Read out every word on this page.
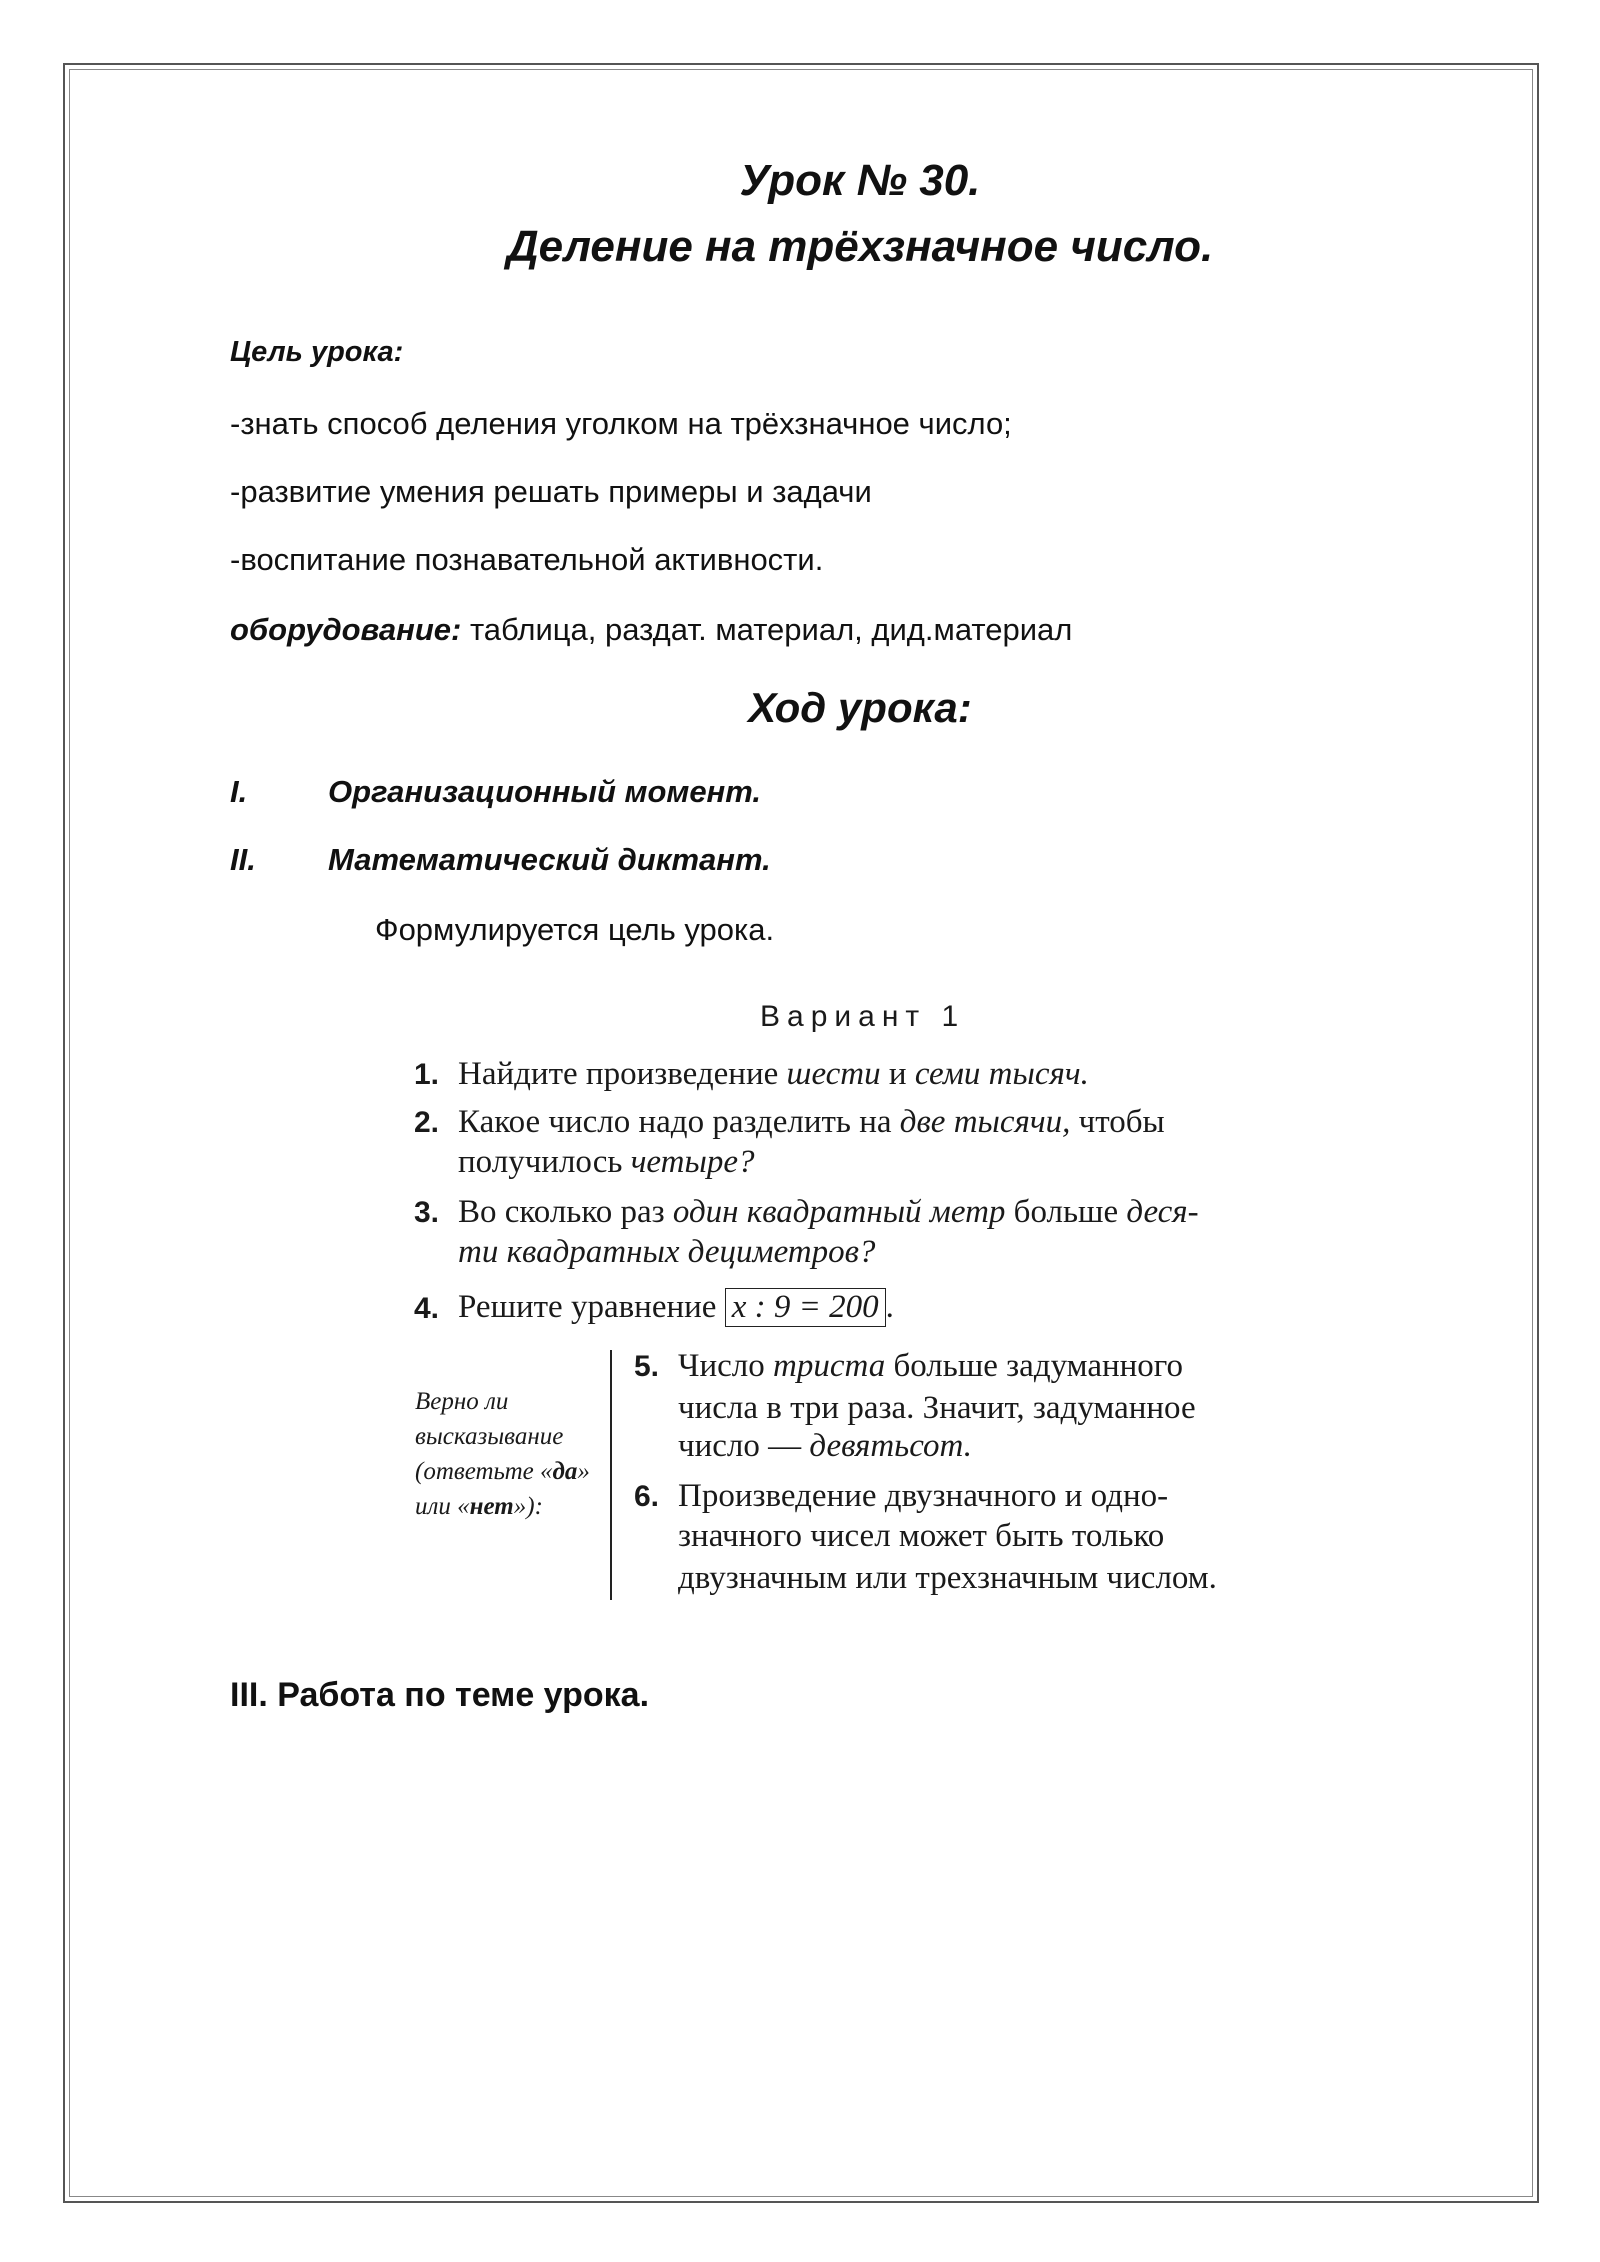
Урок № 30.
Деление на трёхзначное число.
Цель урока:
-знать способ деления уголком на трёхзначное число;
-развитие умения решать примеры и задачи
-воспитание познавательной активности.
оборудование: таблица, раздат. материал, дид.материал
Ход урока:
I.	Организационный момент.
II. Математический диктант.
Формулируется цель урока.
Вариант 1
1. Найдите произведение шести и семи тысяч.
2. Какое число надо разделить на две тысячи, чтобы
получилось четыре?
3. Во сколько раз один квадратный метр больше деся-
ти квадратных дециметров?
4. Решите уравнение x : 9 = 200 .
Верно ли высказывание (ответьте «да» или «нет»):
5. Число триста больше задуманного
числа в три раза. Значит, задуманное
число — девятьсот.
6. Произведение двузначного и одно-
значного чисел может быть только
двузначным или трехзначным числом.
III. Работа по теме урока.
